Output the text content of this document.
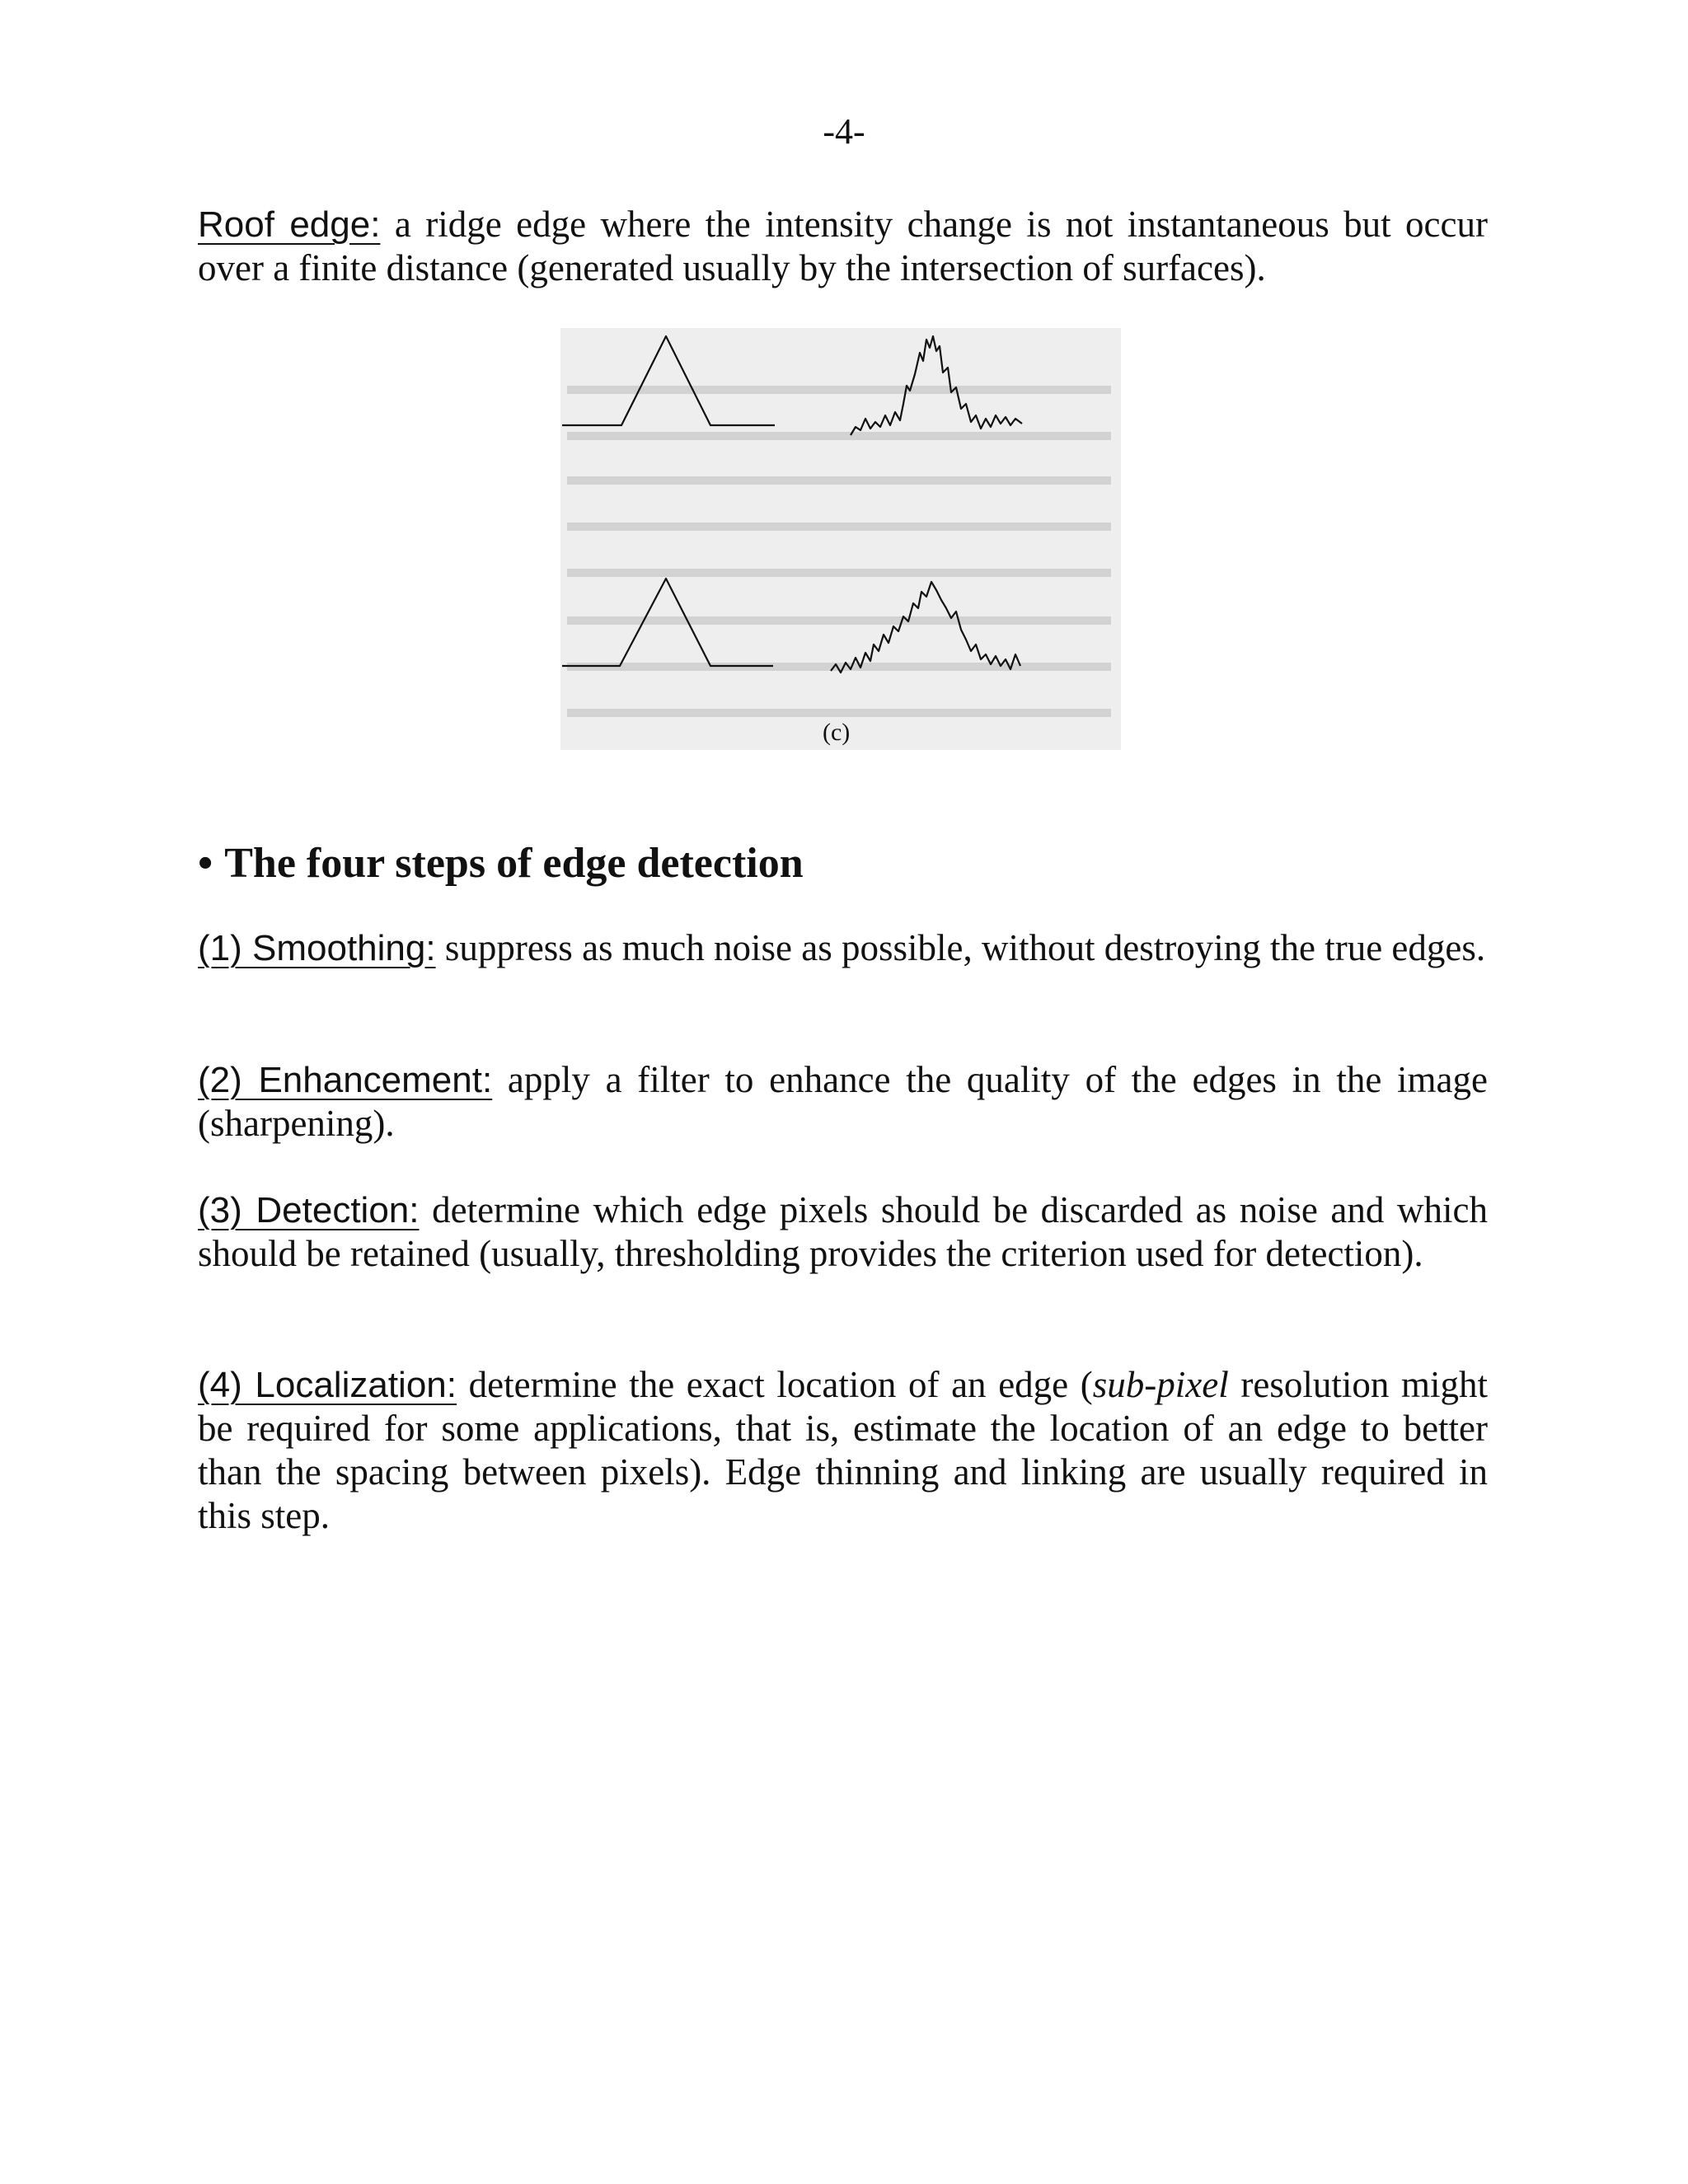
-4-
Roof edge: a ridge edge where the intensity change is not instantaneous but occur over a finite distance (generated usually by the intersection of surfaces).
(c)
• The four steps of edge detection
(1) Smoothing: suppress as much noise as possible, without destroying the true edges.
(2) Enhancement: apply a filter to enhance the quality of the edges in the image (sharpening).
(3) Detection: determine which edge pixels should be discarded as noise and which should be retained (usually, thresholding provides the criterion used for detection).
(4) Localization: determine the exact location of an edge (sub-pixel resolution might be required for some applications, that is, estimate the location of an edge to better than the spacing between pixels). Edge thinning and linking are usually required in this step.
